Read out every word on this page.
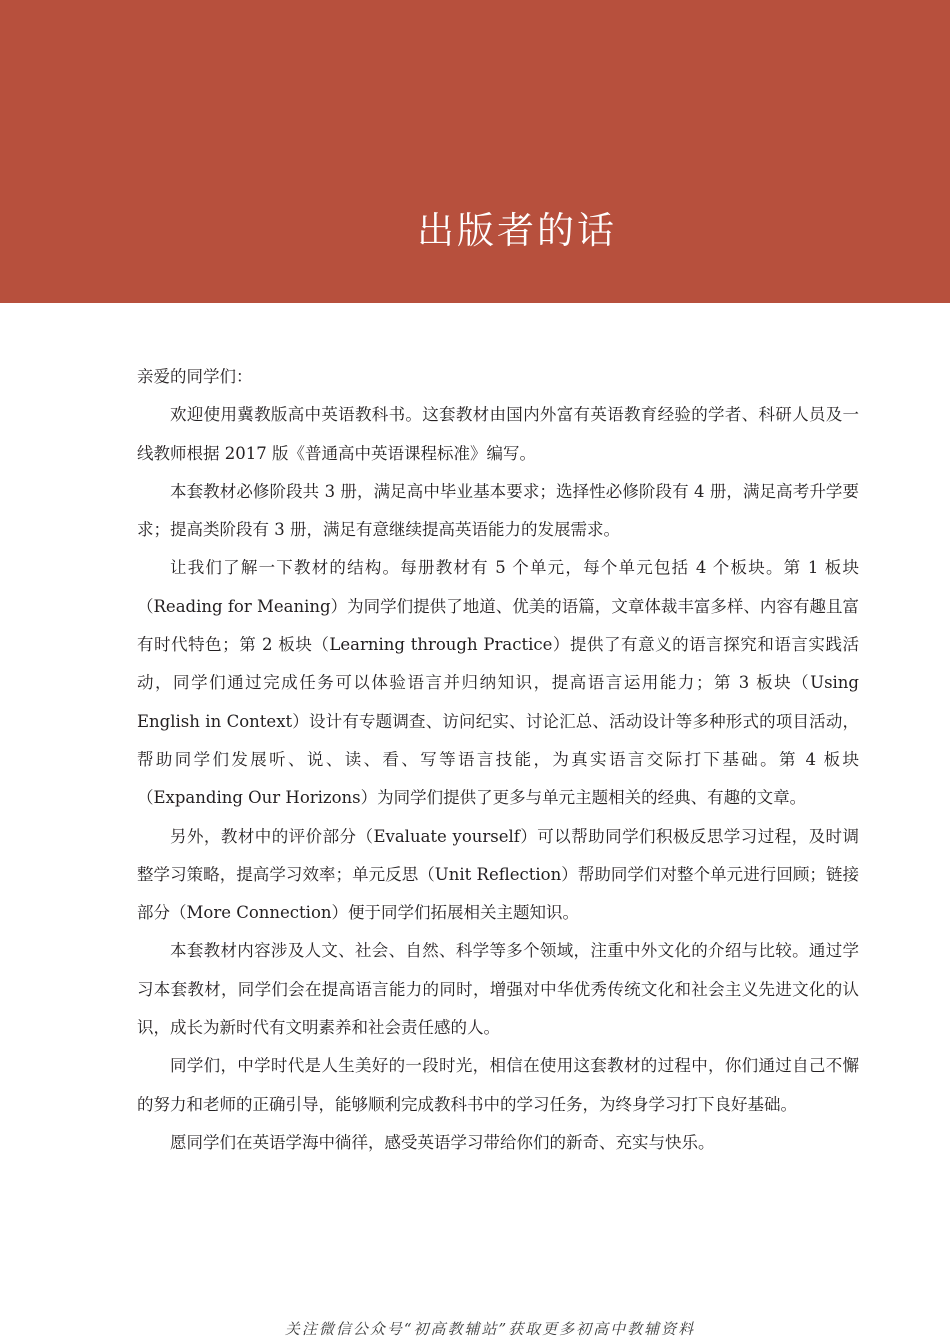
出版者的话

亲爱的同学们：

欢迎使用冀教版高中英语教科书。这套教材由国内外富有英语教育经验的学者、科研人员及一线教师根据 2017 版《普通高中英语课程标准》编写。

本套教材必修阶段共 3 册，满足高中毕业基本要求；选择性必修阶段有 4 册，满足高考升学要求；提高类阶段有 3 册，满足有意继续提高英语能力的发展需求。

让我们了解一下教材的结构。每册教材有 5 个单元，每个单元包括 4 个板块。第 1 板块（Reading for Meaning）为同学们提供了地道、优美的语篇，文章体裁丰富多样、内容有趣且富有时代特色；第 2 板块（Learning through Practice）提供了有意义的语言探究和语言实践活动，同学们通过完成任务可以体验语言并归纳知识，提高语言运用能力；第 3 板块（Using English in Context）设计有专题调查、访问纪实、讨论汇总、活动设计等多种形式的项目活动，帮助同学们发展听、说、读、看、写等语言技能，为真实语言交际打下基础。第 4 板块（Expanding Our Horizons）为同学们提供了更多与单元主题相关的经典、有趣的文章。

另外，教材中的评价部分（Evaluate yourself）可以帮助同学们积极反思学习过程，及时调整学习策略，提高学习效率；单元反思（Unit Reflection）帮助同学们对整个单元进行回顾；链接部分（More Connection）便于同学们拓展相关主题知识。

本套教材内容涉及人文、社会、自然、科学等多个领域，注重中外文化的介绍与比较。通过学习本套教材，同学们会在提高语言能力的同时，增强对中华优秀传统文化和社会主义先进文化的认识，成长为新时代有文明素养和社会责任感的人。

同学们，中学时代是人生美好的一段时光，相信在使用这套教材的过程中，你们通过自己不懈的努力和老师的正确引导，能够顺利完成教科书中的学习任务，为终身学习打下良好基础。

愿同学们在英语学海中徜徉，感受英语学习带给你们的新奇、充实与快乐。

关注微信公众号“初高教辅站”获取更多初高中教辅资料
